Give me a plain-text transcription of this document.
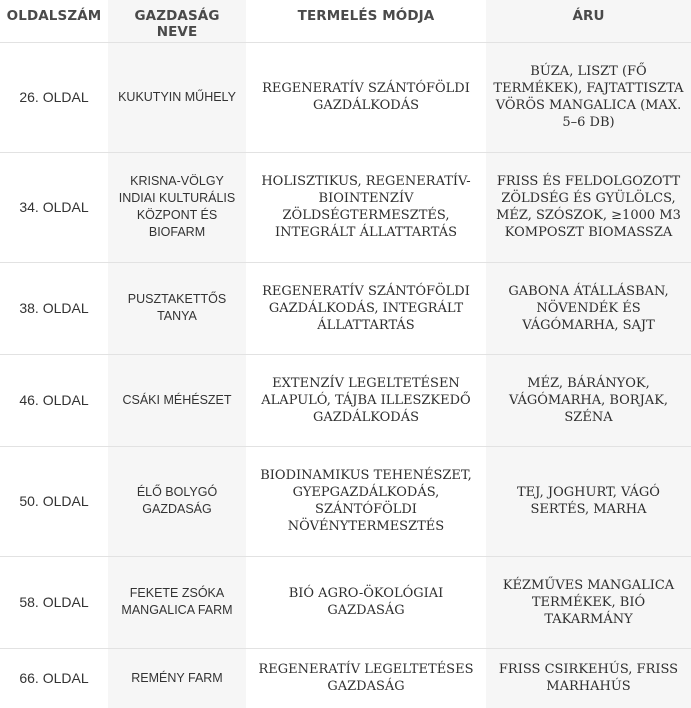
OLDALSZÁM	GAZDASÁG NEVE	TERMELÉS MÓDJA	ÁRU
26. OLDAL	KUKUTYIN MŰHELY	REGENERATÍV SZÁNTÓFÖLDI GAZDÁLKODÁS	BÚZA, LISZT (FŐ TERMÉKEK), FAJTATTISZTA VÖRÖS MANGALICA (MAX. 5–6 DB)
34. OLDAL	KRISNA-VÖLGY INDIAI KULTURÁLIS KÖZPONT ÉS BIOFARM	HOLISZTIKUS, REGENERATÍV-BIOINTENZÍV ZÖLDSÉGTERMESZTÉS, INTEGRÁLT ÁLLATTARTÁS	FRISS ÉS FELDOLGOZOTT ZÖLDSÉG ÉS GYÜLÖLCS, MÉZ, SZÓSZOK, ≥1000 M3 KOMPOSZT BIOMASSZA
38. OLDAL	PUSZTAKETTŐS TANYA	REGENERATÍV SZÁNTÓFÖLDI GAZDÁLKODÁS, INTEGRÁLT ÁLLATTARTÁS	GABONA ÁTÁLLÁSBAN, NÖVENDÉK ÉS VÁGÓMARHA, SAJT
46. OLDAL	CSÁKI MÉHÉSZET	EXTENZÍV LEGELTETÉSEN ALAPULÓ, TÁJBA ILLESZKEDŐ GAZDÁLKODÁS	MÉZ, BÁRÁNYOK, VÁGÓMARHA, BORJAK, SZÉNA
50. OLDAL	ÉLŐ BOLYGÓ GAZDASÁG	BIODINAMIKUS TEHENÉSZET, GYEPGAZDÁLKODÁS, SZÁNTÓFÖLDI NÖVÉNYTERMESZTÉS	TEJ, JOGHURT, VÁGÓ SERTÉS, MARHA
58. OLDAL	FEKETE ZSÓKA MANGALICA FARM	BIÓ AGRO-ÖKOLÓGIAI GAZDASÁG	KÉZMŰVES MANGALICA TERMÉKEK, BIÓ TAKARMÁNY
66. OLDAL	REMÉNY FARM	REGENERATÍV LEGELTETÉSES GAZDASÁG	FRISS CSIRKEHÚS, FRISS MARHAHÚS
